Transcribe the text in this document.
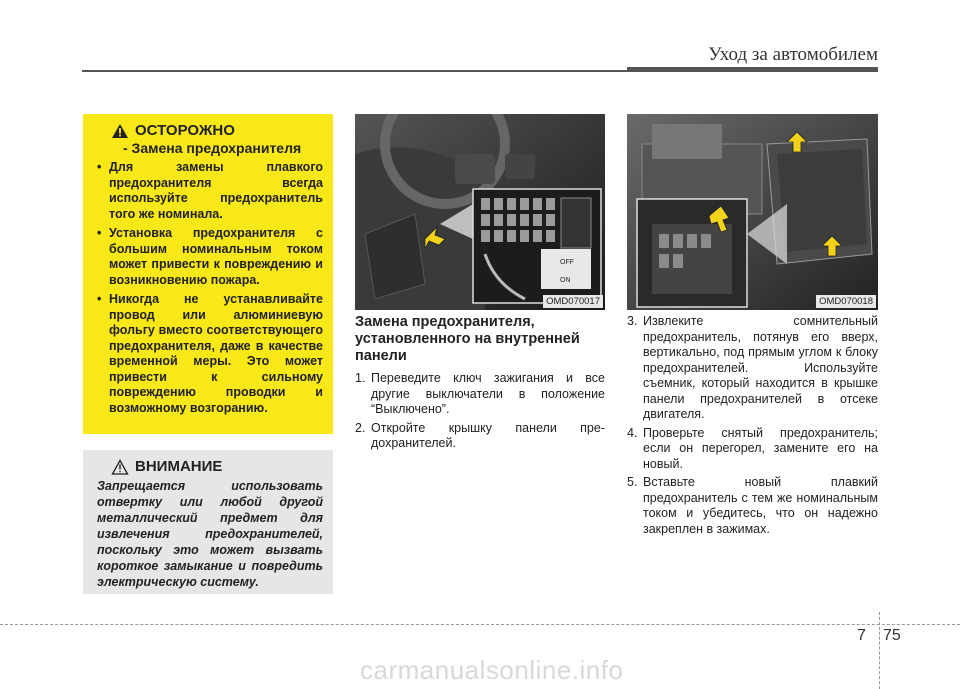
Уход за автомобилем
ОСТОРОЖНО
- Замена предохранителя
• Для замены плавкого предохранителя всегда используйте предохранитель того же номинала.
• Установка предохранителя с большим номинальным током может привести к повреждению и возникновению пожара.
• Никогда не устанавливайте провод или алюминиевую фольгу вместо соответствующего предохранителя, даже в качестве временной меры. Это может привести к сильному повреждению проводки и возможному возгоранию.
ВНИМАНИЕ
Запрещается использовать отвертку или любой другой металлический предмет для извлечения предохранителей, поскольку это может вызвать короткое замыкание и повредить электрическую систему.
OFF
ON
OMD070017	OMD070018
Замена предохранителя, установленного на внутренней панели
1. Переведите ключ зажигания и все другие выключатели в положение “Выключено”.
2. Откройте крышку панели пре-дохранителей.
3. Извлеките сомнительный предохранитель, потянув его вверх, вертикально, под прямым углом к блоку предохранителей. Используйте съемник, который находится в крышке панели предохранителей в отсеке двигателя.
4. Проверьте снятый предохранитель; если он перегорел, замените его на новый.
5. Вставьте новый плавкий предохранитель с тем же номинальным током и убедитесь, что он надежно закреплен в зажимах.
7 75
carmanualsonline.info
